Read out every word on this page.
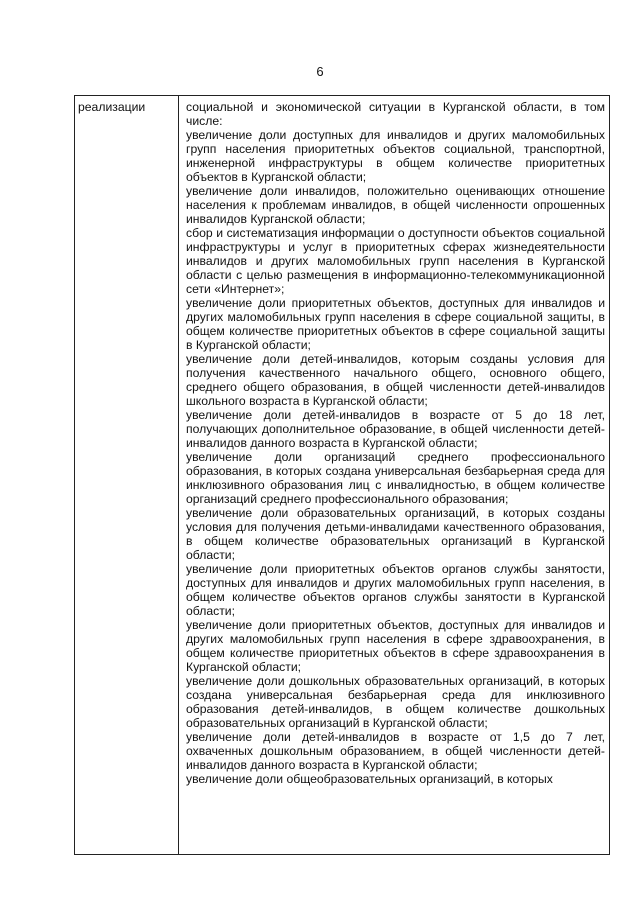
6
реализации	социальной и экономической ситуации в Курганской области, в том числе:
увеличение доли доступных для инвалидов и других маломобильных групп населения приоритетных объектов социальной, транспортной, инженерной инфраструктуры в общем количестве приоритетных объектов в Курганской области;
увеличение доли инвалидов, положительно оценивающих отношение населения к проблемам инвалидов, в общей численности опрошенных инвалидов Курганской области;
сбор и систематизация информации о доступности объектов социальной инфраструктуры и услуг в приоритетных сферах жизнедеятельности инвалидов и других маломобильных групп населения в Курганской области с целью размещения в информационно-телекоммуникационной сети «Интернет»;
увеличение доли приоритетных объектов, доступных для инвалидов и других маломобильных групп населения в сфере социальной защиты, в общем количестве приоритетных объектов в сфере социальной защиты в Курганской области;
увеличение доли детей-инвалидов, которым созданы условия для получения качественного начального общего, основного общего, среднего общего образования, в общей численности детей-инвалидов школьного возраста в Курганской области;
увеличение доли детей-инвалидов в возрасте от 5 до 18 лет, получающих дополнительное образование, в общей численности детей-инвалидов данного возраста в Курганской области;
увеличение доли организаций среднего профессионального образования, в которых создана универсальная безбарьерная среда для инклюзивного образования лиц с инвалидностью, в общем количестве организаций среднего профессионального образования;
увеличение доли образовательных организаций, в которых созданы условия для получения детьми-инвалидами качественного образования, в общем количестве образовательных организаций в Курганской области;
увеличение доли приоритетных объектов органов службы занятости, доступных для инвалидов и других маломобильных групп населения, в общем количестве объектов органов службы занятости в Курганской области;
увеличение доли приоритетных объектов, доступных для инвалидов и других маломобильных групп населения в сфере здравоохранения, в общем количестве приоритетных объектов в сфере здравоохранения в Курганской области;
увеличение доли дошкольных образовательных организаций, в которых создана универсальная безбарьерная среда для инклюзивного образования детей-инвалидов, в общем количестве дошкольных образовательных организаций в Курганской области;
увеличение доли детей-инвалидов в возрасте от 1,5 до 7 лет, охваченных дошкольным образованием, в общей численности детей-инвалидов данного возраста в Курганской области;
увеличение доли общеобразовательных организаций, в которых
